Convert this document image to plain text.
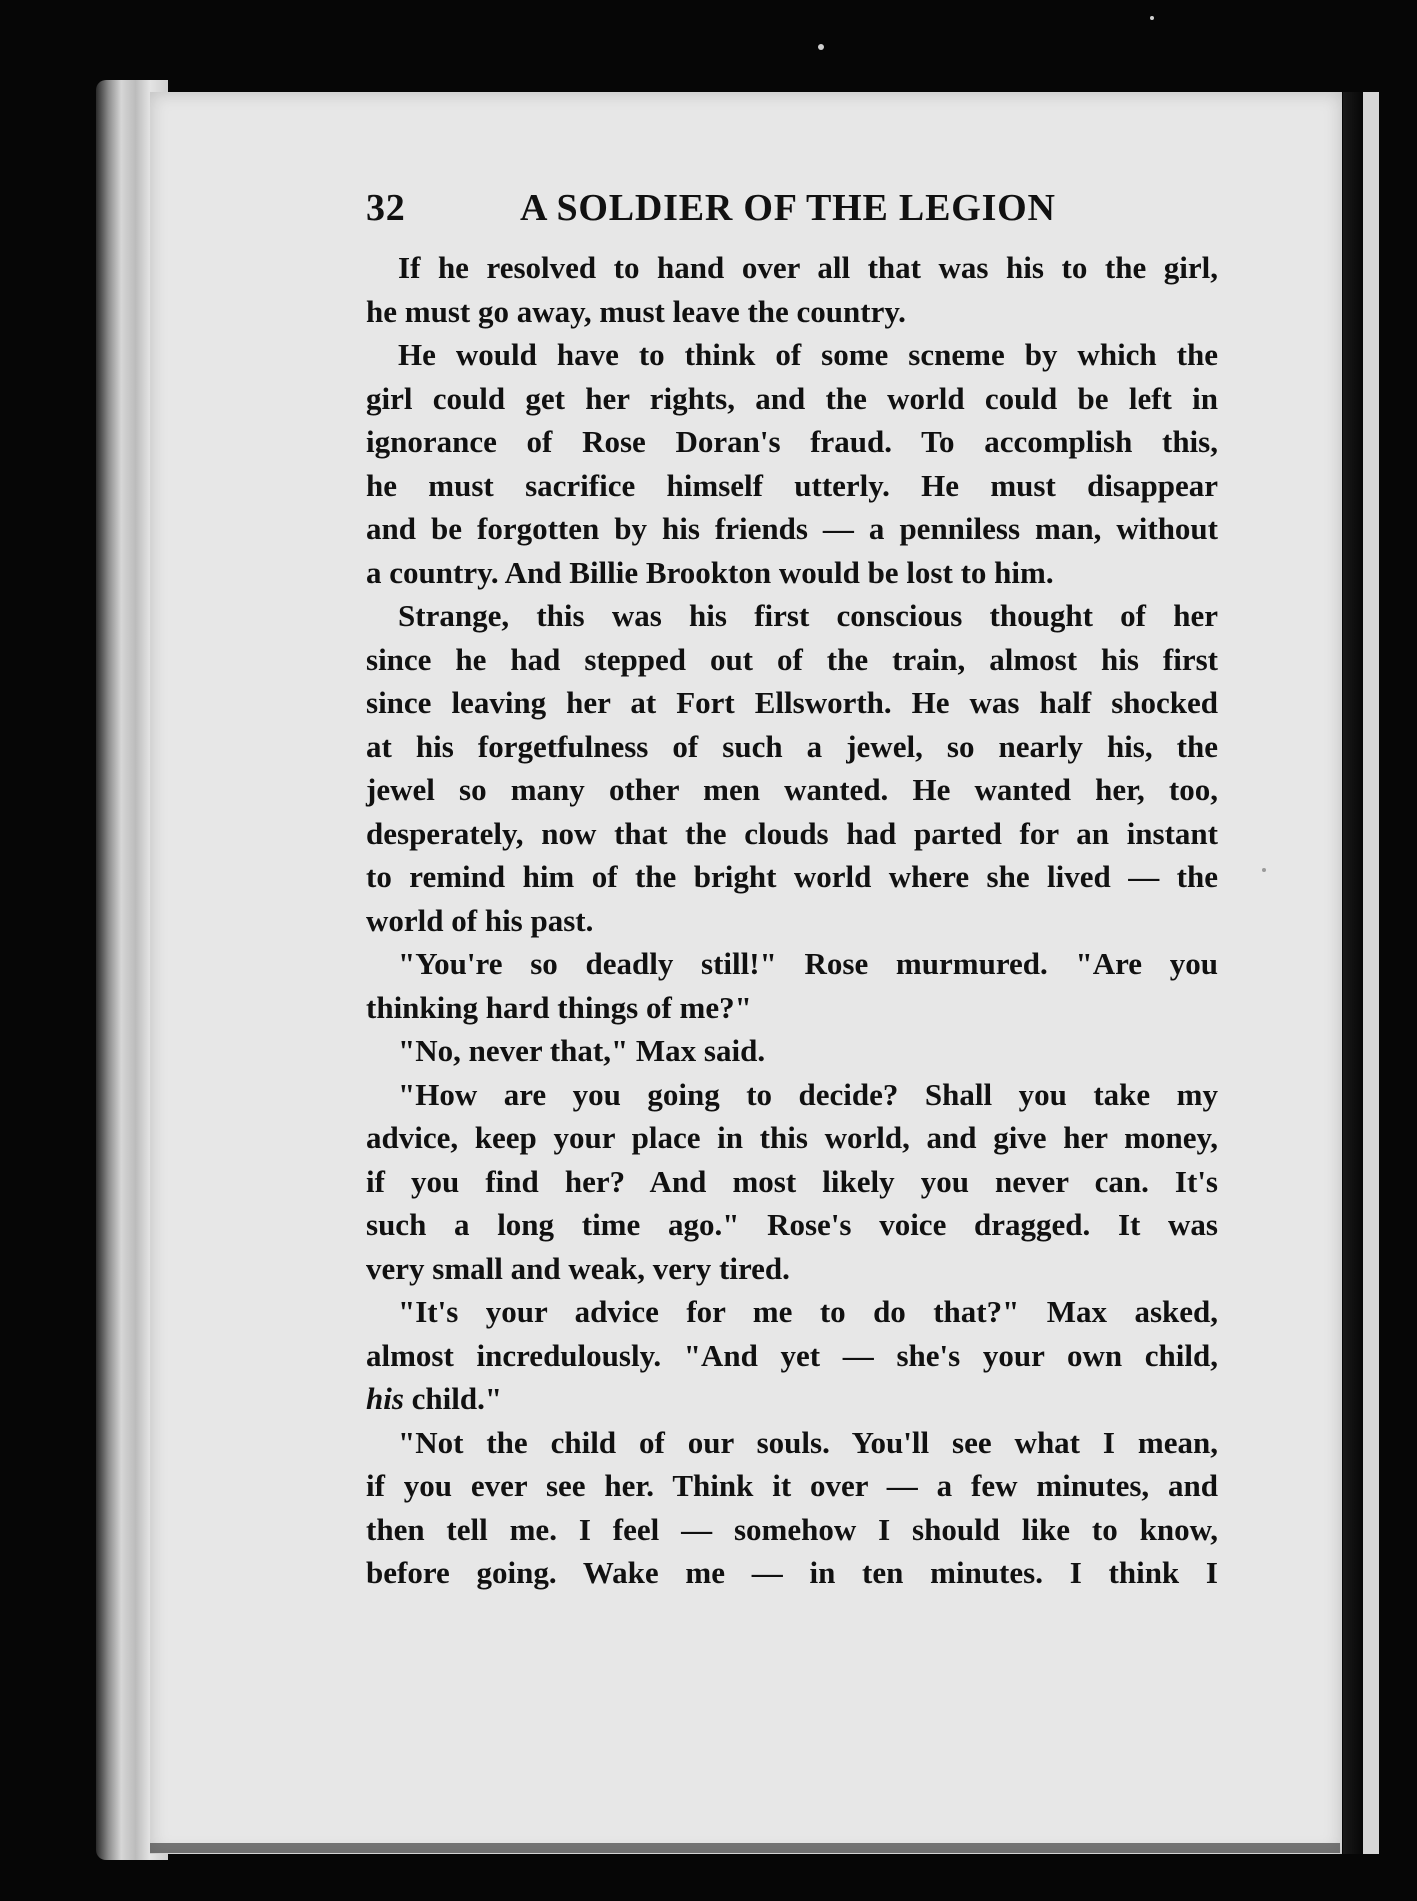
32	A SOLDIER OF THE LEGION
If he resolved to hand over all that was his to the girl,
he must go away, must leave the country.
He would have to think of some scneme by which the
girl could get her rights, and the world could be left in
ignorance of Rose Doran's fraud. To accomplish this,
he must sacrifice himself utterly. He must disappear
and be forgotten by his friends — a penniless man, without
a country. And Billie Brookton would be lost to him.
Strange, this was his first conscious thought of her
since he had stepped out of the train, almost his first
since leaving her at Fort Ellsworth. He was half shocked
at his forgetfulness of such a jewel, so nearly his, the
jewel so many other men wanted. He wanted her, too,
desperately, now that the clouds had parted for an instant
to remind him of the bright world where she lived — the
world of his past.
"You're so deadly still!" Rose murmured. "Are you
thinking hard things of me?"
"No, never that," Max said.
"How are you going to decide? Shall you take my
advice, keep your place in this world, and give her money,
if you find her? And most likely you never can. It's
such a long time ago." Rose's voice dragged. It was
very small and weak, very tired.
"It's your advice for me to do that?" Max asked,
almost incredulously. "And yet — she's your own child,
his child."
"Not the child of our souls. You'll see what I mean,
if you ever see her. Think it over — a few minutes, and
then tell me. I feel — somehow I should like to know,
before going. Wake me — in ten minutes. I think I
